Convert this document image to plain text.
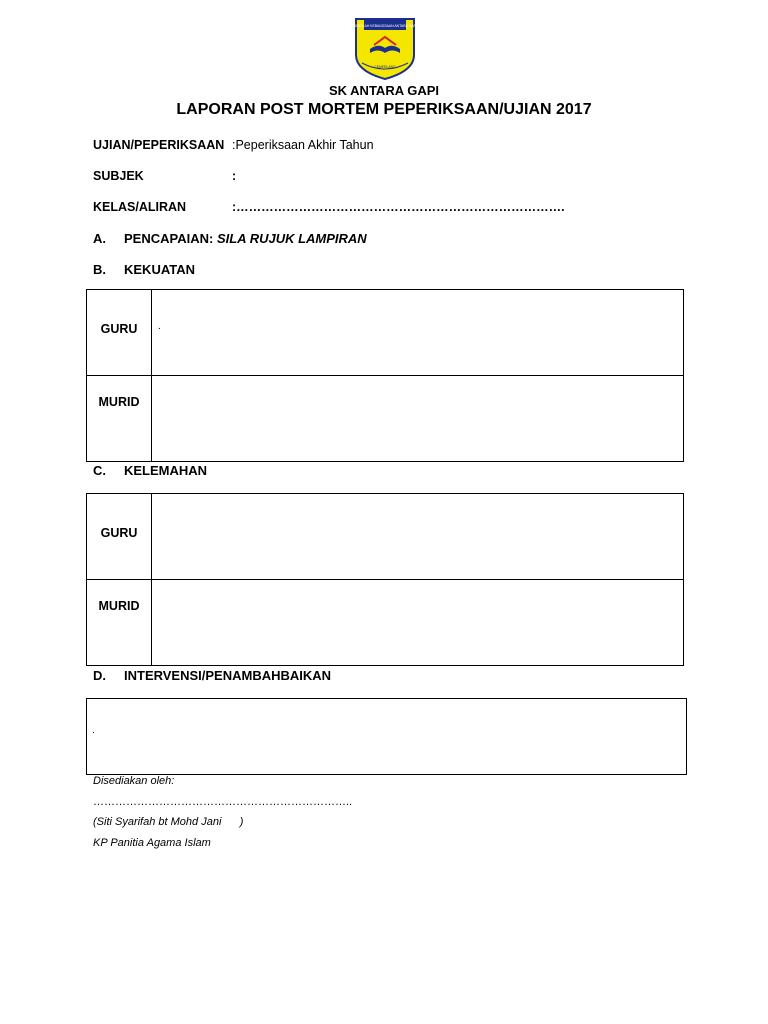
SEKOLAH KEBANGSAAN ANTARA GAPI
CEMERLANG
SK ANTARA GAPI
LAPORAN POST MORTEM PEPERIKSAAN/UJIAN 2017
UJIAN/PEPERIKSAAN :Peperiksaan Akhir Tahun
SUBJEK	:
KELAS/ALIRAN	:…………………………………………………………………….
A. PENCAPAIAN: SILA RUJUK LAMPIRAN
B. KEKUATAN
GURU	.
MURID	
C. KELEMAHAN
GURU	
MURID	
D. INTERVENSI/PENAMBAHBAIKAN
.
Disediakan oleh:
……………………………………………………………..
(Siti Syarifah bt Mohd Jani      )
KP Panitia Agama Islam
